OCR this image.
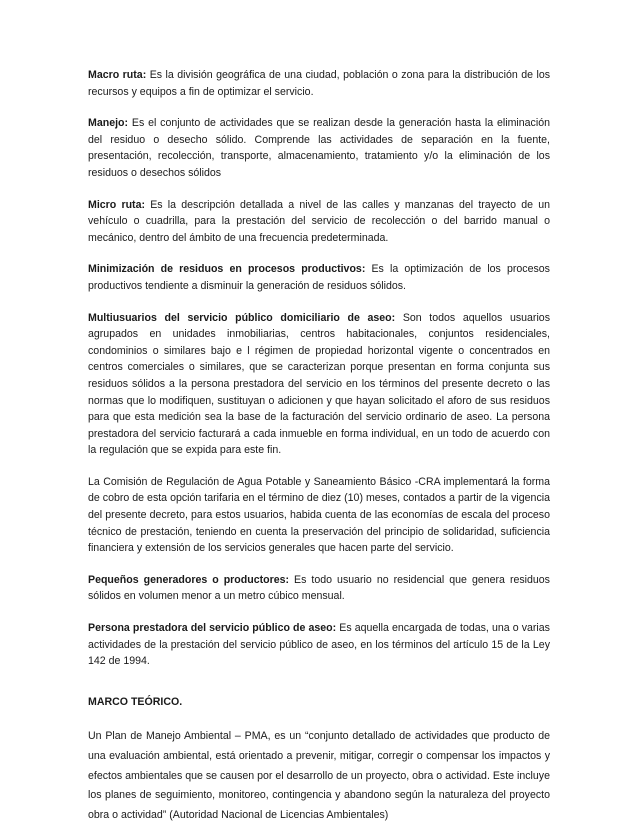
Macro ruta: Es la división geográfica de una ciudad, población o zona para la distribución de los recursos y equipos a fin de optimizar el servicio.

Manejo: Es el conjunto de actividades que se realizan desde la generación hasta la eliminación del residuo o desecho sólido. Comprende las actividades de separación en la fuente, presentación, recolección, transporte, almacenamiento, tratamiento y/o la eliminación de los residuos o desechos sólidos

Micro ruta: Es la descripción detallada a nivel de las calles y manzanas del trayecto de un vehículo o cuadrilla, para la prestación del servicio de recolección o del barrido manual o mecánico, dentro del ámbito de una frecuencia predeterminada.

Minimización de residuos en procesos productivos: Es la optimización de los procesos productivos tendiente a disminuir la generación de residuos sólidos.

Multiusuarios del servicio público domiciliario de aseo: Son todos aquellos usuarios agrupados en unidades inmobiliarias, centros habitacionales, conjuntos residenciales, condominios o similares bajo e l régimen de propiedad horizontal vigente o concentrados en centros comerciales o similares, que se caracterizan porque presentan en forma conjunta sus residuos sólidos a la persona prestadora del servicio en los términos del presente decreto o las normas que lo modifiquen, sustituyan o adicionen y que hayan solicitado el aforo de sus residuos para que esta medición sea la base de la facturación del servicio ordinario de aseo. La persona prestadora del servicio facturará a cada inmueble en forma individual, en un todo de acuerdo con la regulación que se expida para este fin.

La Comisión de Regulación de Agua Potable y Saneamiento Básico -CRA implementará la forma de cobro de esta opción tarifaria en el término de diez (10) meses, contados a partir de la vigencia del presente decreto, para estos usuarios, habida cuenta de las economías de escala del proceso técnico de prestación, teniendo en cuenta la preservación del principio de solidaridad, suficiencia financiera y extensión de los servicios generales que hacen parte del servicio.

Pequeños generadores o productores: Es todo usuario no residencial que genera residuos sólidos en volumen menor a un metro cúbico mensual.

Persona prestadora del servicio público de aseo: Es aquella encargada de todas, una o varias actividades de la prestación del servicio público de aseo, en los términos del artículo 15 de la Ley 142 de 1994.

MARCO TEÓRICO.

Un Plan de Manejo Ambiental – PMA, es un “conjunto detallado de actividades que producto de una evaluación ambiental, está orientado a prevenir, mitigar, corregir o compensar los impactos y efectos ambientales que se causen por el desarrollo de un proyecto, obra o actividad. Este incluye los planes de seguimiento, monitoreo, contingencia y abandono según la naturaleza del proyecto obra o actividad” (Autoridad Nacional de Licencias Ambientales)
